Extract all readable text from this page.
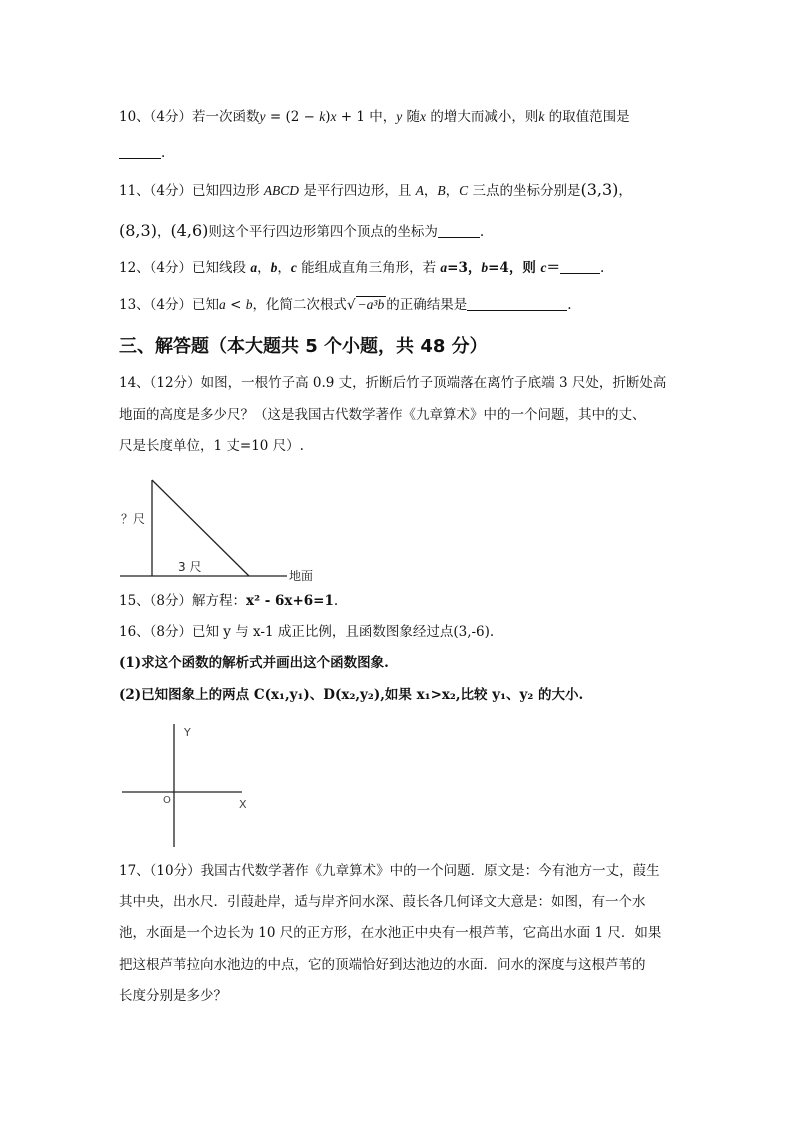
10、（4分）若一次函数y = (2 − k)x + 1 中，y 随x 的增大而减小，则k 的取值范围是
.
11、（4分）已知四边形 ABCD 是平行四边形，且 A，B，C 三点的坐标分别是(3,3)，
(8,3)，(4,6)则这个平行四边形第四个顶点的坐标为	.
12、（4分）已知线段 a，b，c 能组成直角三角形，若 a=3，b=4，则 c＝	.
13、（4分）已知a < b，化简二次根式√ −a³b 的正确结果是	.
三、解答题（本大题共 5 个小题，共 48 分）
14、（12分）如图，一根竹子高 0.9 丈，折断后竹子顶端落在离竹子底端 3 尺处，折断处高
地面的高度是多少尺？（这是我国古代数学著作《九章算术》中的一个问题，其中的丈、
尺是长度单位，1 丈=10 尺）.
？尺
3 尺
地面
15、（8分）解方程：x² - 6x+6=1.
16、（8分）已知 y 与 x-1 成正比例，且函数图象经过点(3,-6).
(1)求这个函数的解析式并画出这个函数图象.
(2)已知图象上的两点 C(x₁,y₁)、D(x₂,y₂),如果 x₁>x₂,比较 y₁、y₂ 的大小.
Y
X
O
17、（10分）我国古代数学著作《九章算术》中的一个问题．原文是：今有池方一丈，葭生
其中央，出水尺．引葭赴岸，适与岸齐问水深、葭长各几何译文大意是：如图，有一个水
池，水面是一个边长为 10 尺的正方形，在水池正中央有一根芦苇，它高出水面 1 尺．如果
把这根芦苇拉向水池边的中点，它的顶端恰好到达池边的水面．问水的深度与这根芦苇的
长度分别是多少？
